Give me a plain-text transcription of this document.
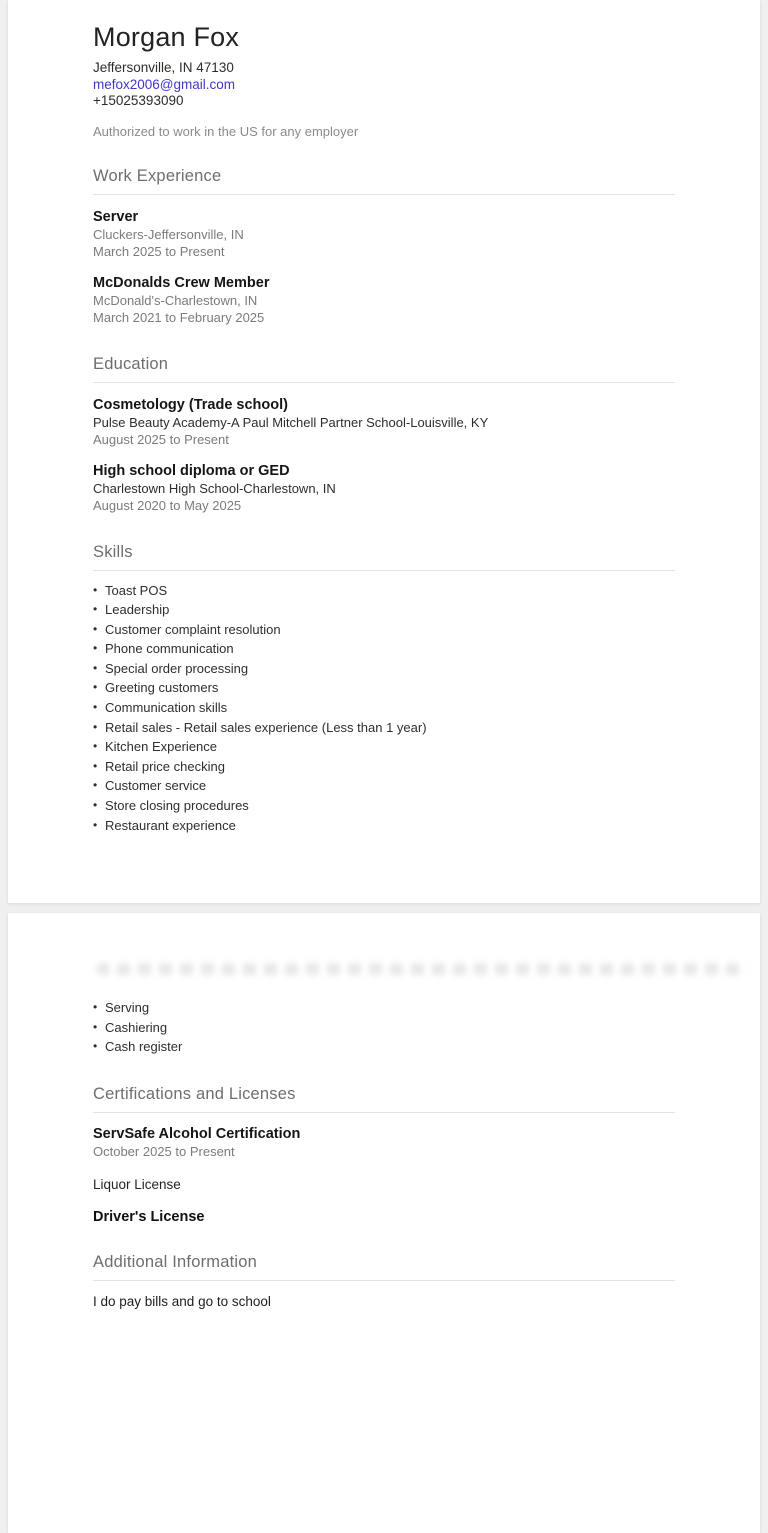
Morgan Fox
Jeffersonville, IN 47130
mefox2006@gmail.com
+15025393090
Authorized to work in the US for any employer
Work Experience
Server
Cluckers-Jeffersonville, IN
March 2025 to Present
McDonalds Crew Member
McDonald's-Charlestown, IN
March 2021 to February 2025
Education
Cosmetology (Trade school)
Pulse Beauty Academy-A Paul Mitchell Partner School-Louisville, KY
August 2025 to Present
High school diploma or GED
Charlestown High School-Charlestown, IN
August 2020 to May 2025
Skills
• Toast POS
• Leadership
• Customer complaint resolution
• Phone communication
• Special order processing
• Greeting customers
• Communication skills
• Retail sales - Retail sales experience (Less than 1 year)
• Kitchen Experience
• Retail price checking
• Customer service
• Store closing procedures
• Restaurant experience
• Serving
• Cashiering
• Cash register
Certifications and Licenses
ServSafe Alcohol Certification
October 2025 to Present
Liquor License
Driver's License
Additional Information
I do pay bills and go to school
